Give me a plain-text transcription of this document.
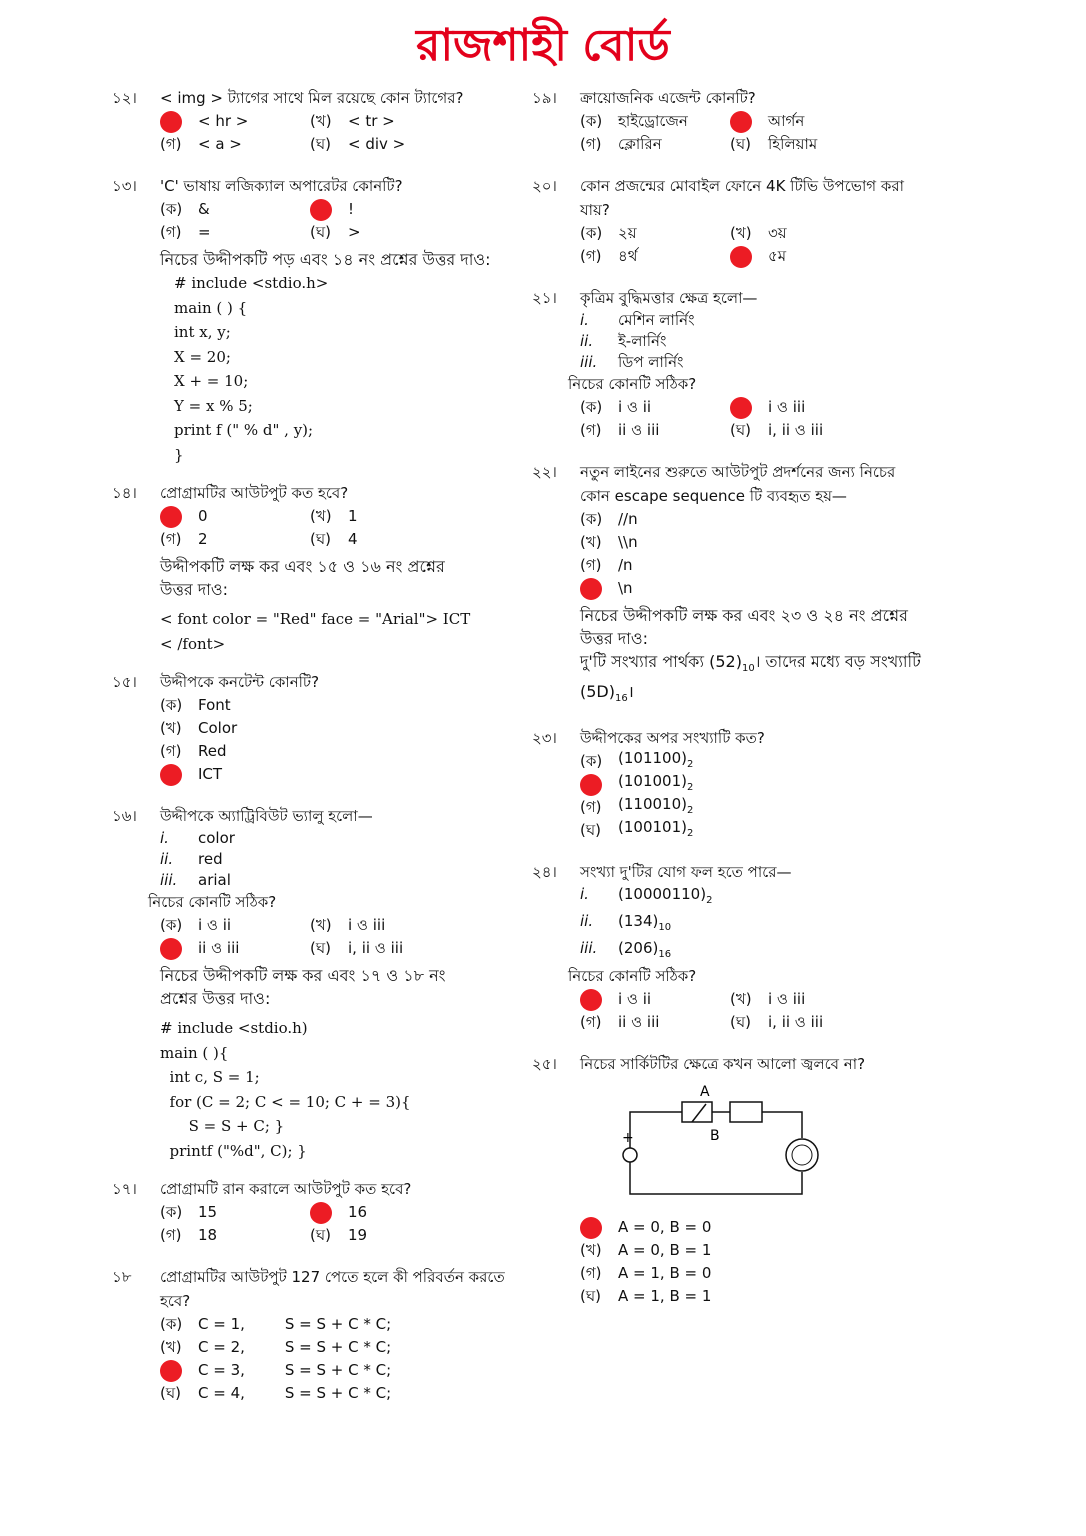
রাজশাহী বোর্ড
১২।	< img > ট্যাগের সাথে মিল রয়েছে কোন ট্যাগের?
< hr >	(খ)	< tr >
(গ)	< a >	(ঘ)	< div >
১৩।	'C' ভাষায় লজিক্যাল অপারেটর কোনটি?
(ক)	&	!
(গ)	=	(ঘ)	>
নিচের উদ্দীপকটি পড় এবং ১৪ নং প্রশ্নের উত্তর দাও:
# include <stdio.h>
main ( ) {
int x, y;
X = 20;
X + = 10;
Y = x % 5;
print f (" % d" , y);
}
১৪।	প্রোগ্রামটির আউটপুট কত হবে?
0	(খ)	1
(গ)	2	(ঘ)	4
উদ্দীপকটি লক্ষ কর এবং ১৫ ও ১৬ নং প্রশ্নের উত্তর দাও:
< font color = "Red" face = "Arial"> ICT
< /font>
১৫।	উদ্দীপকে কনটেন্ট কোনটি?
(ক)	Font
(খ)	Color
(গ)	Red
ICT
১৬।	উদ্দীপকে অ্যাট্রিবিউট ভ্যালু হলো—
i.	color
ii.	red
iii.	arial
নিচের কোনটি সঠিক?
(ক)	i ও ii	(খ)	i ও iii
ii ও iii	(ঘ)	i, ii ও iii
নিচের উদ্দীপকটি লক্ষ কর এবং ১৭ ও ১৮ নং প্রশ্নের উত্তর দাও:
# include <stdio.h)
main ( ){
int c, S = 1;
for (C = 2; C < = 10; C + = 3){
S = S + C; }
printf ("%d", C); }
১৭।	প্রোগ্রামটি রান করালে আউটপুট কত হবে?
(ক)	15	16
(গ)	18	(ঘ)	19
১৮	প্রোগ্রামটির আউটপুট 127 পেতে হলে কী পরিবর্তন করতে হবে?
(ক)	C = 1,	S = S + C * C;
(খ)	C = 2,	S = S + C * C;
C = 3,	S = S + C * C;
(ঘ)	C = 4,	S = S + C * C;
১৯।	ক্রায়োজনিক এজেন্ট কোনটি?
(ক)	হাইড্রোজেন	আর্গন
(গ)	ক্লোরিন	(ঘ)	হিলিয়াম
২০।	কোন প্রজন্মের মোবাইল ফোনে 4K টিভি উপভোগ করা যায়?
(ক)	২য়	(খ)	৩য়
(গ)	৪র্থ	৫ম
২১।	কৃত্রিম বুদ্ধিমত্তার ক্ষেত্র হলো—
i.	মেশিন লার্নিং
ii.	ই-লার্নিং
iii.	ডিপ লার্নিং
নিচের কোনটি সঠিক?
(ক)	i ও ii	i ও iii
(গ)	ii ও iii	(ঘ)	i, ii ও iii
২২।	নতুন লাইনের শুরুতে আউটপুট প্রদর্শনের জন্য নিচের কোন escape sequence টি ব্যবহৃত হয়—
(ক)	//n
(খ)	\\n
(গ)	/n
\n
নিচের উদ্দীপকটি লক্ষ কর এবং ২৩ ও ২৪ নং প্রশ্নের উত্তর দাও:
দু'টি সংখ্যার পার্থক্য $(52)_{10}।$ তাদের মধ্যে বড় সংখ্যাটি $(5D)_{16}।$
২৩।	উদ্দীপকের অপর সংখ্যাটি কত?
(ক)	$(101100)_2$
$(101001)_2$
(গ)	$(110010)_2$
(ঘ)	$(100101)_2$
২৪।	সংখ্যা দু'টির যোগ ফল হতে পারে—
i.	$(10000110)_2$
ii.	$(134)_{10}$
iii.	$(206)_{16}$
নিচের কোনটি সঠিক?
i ও ii	(খ)	i ও iii
(গ)	ii ও iii	(ঘ)	i, ii ও iii
২৫।	নিচের সার্কিটটির ক্ষেত্রে কখন আলো জ্বলবে না?
A
B
+
A = 0, B = 0
(খ)	A = 0, B = 1
(গ)	A = 1, B = 0
(ঘ)	A = 1, B = 1
